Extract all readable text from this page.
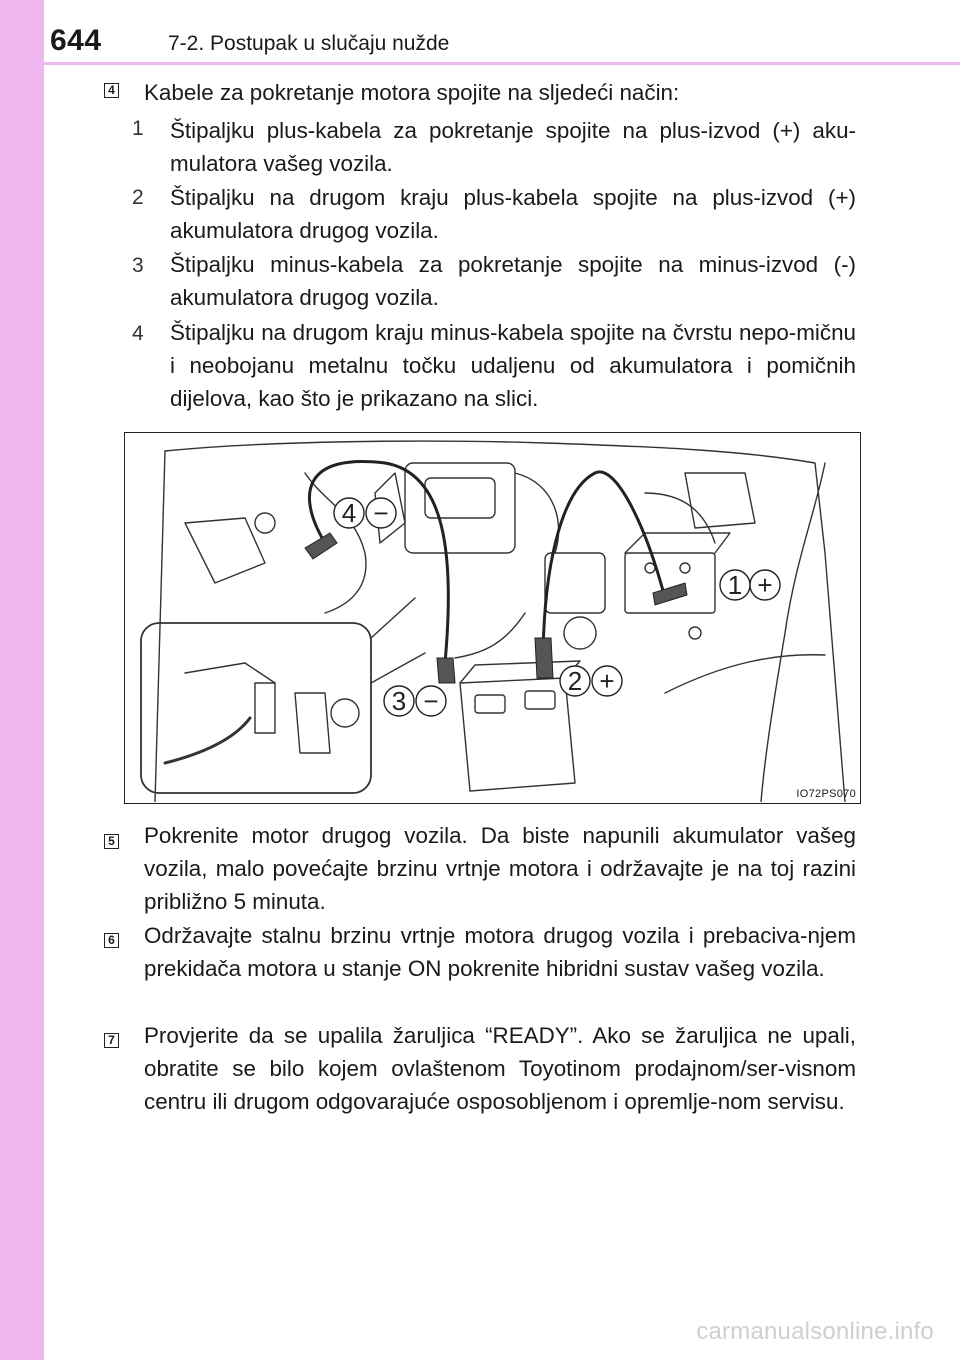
644	7-2. Postupak u slučaju nužde
4 Kabele za pokretanje motora spojite na sljedeći način:
1	Štipaljku plus-kabela za pokretanje spojite na plus-izvod (+) aku-mulatora vašeg vozila.
2	Štipaljku na drugom kraju plus-kabela spojite na plus-izvod (+) akumulatora drugog vozila.
3	Štipaljku minus-kabela za pokretanje spojite na minus-izvod (-) akumulatora drugog vozila.
4	Štipaljku na drugom kraju minus-kabela spojite na čvrstu nepo-mičnu i neobojanu metalnu točku udaljenu od akumulatora i pomičnih dijelova, kao što je prikazano na slici.
4 −
1 +
2 +
3 −
IO72PS070
5 Pokrenite motor drugog vozila. Da biste napunili akumulator vašeg vozila, malo povećajte brzinu vrtnje motora i održavajte je na toj razini približno 5 minuta.
6 Održavajte stalnu brzinu vrtnje motora drugog vozila i prebaciva-njem prekidača motora u stanje ON pokrenite hibridni sustav vašeg vozila.
7 Provjerite da se upalila žaruljica “READY”. Ako se žaruljica ne upali, obratite se bilo kojem ovlaštenom Toyotinom prodajnom/ser-visnom centru ili drugom odgovarajuće osposobljenom i opremlje-nom servisu.
carmanualsonline.info
